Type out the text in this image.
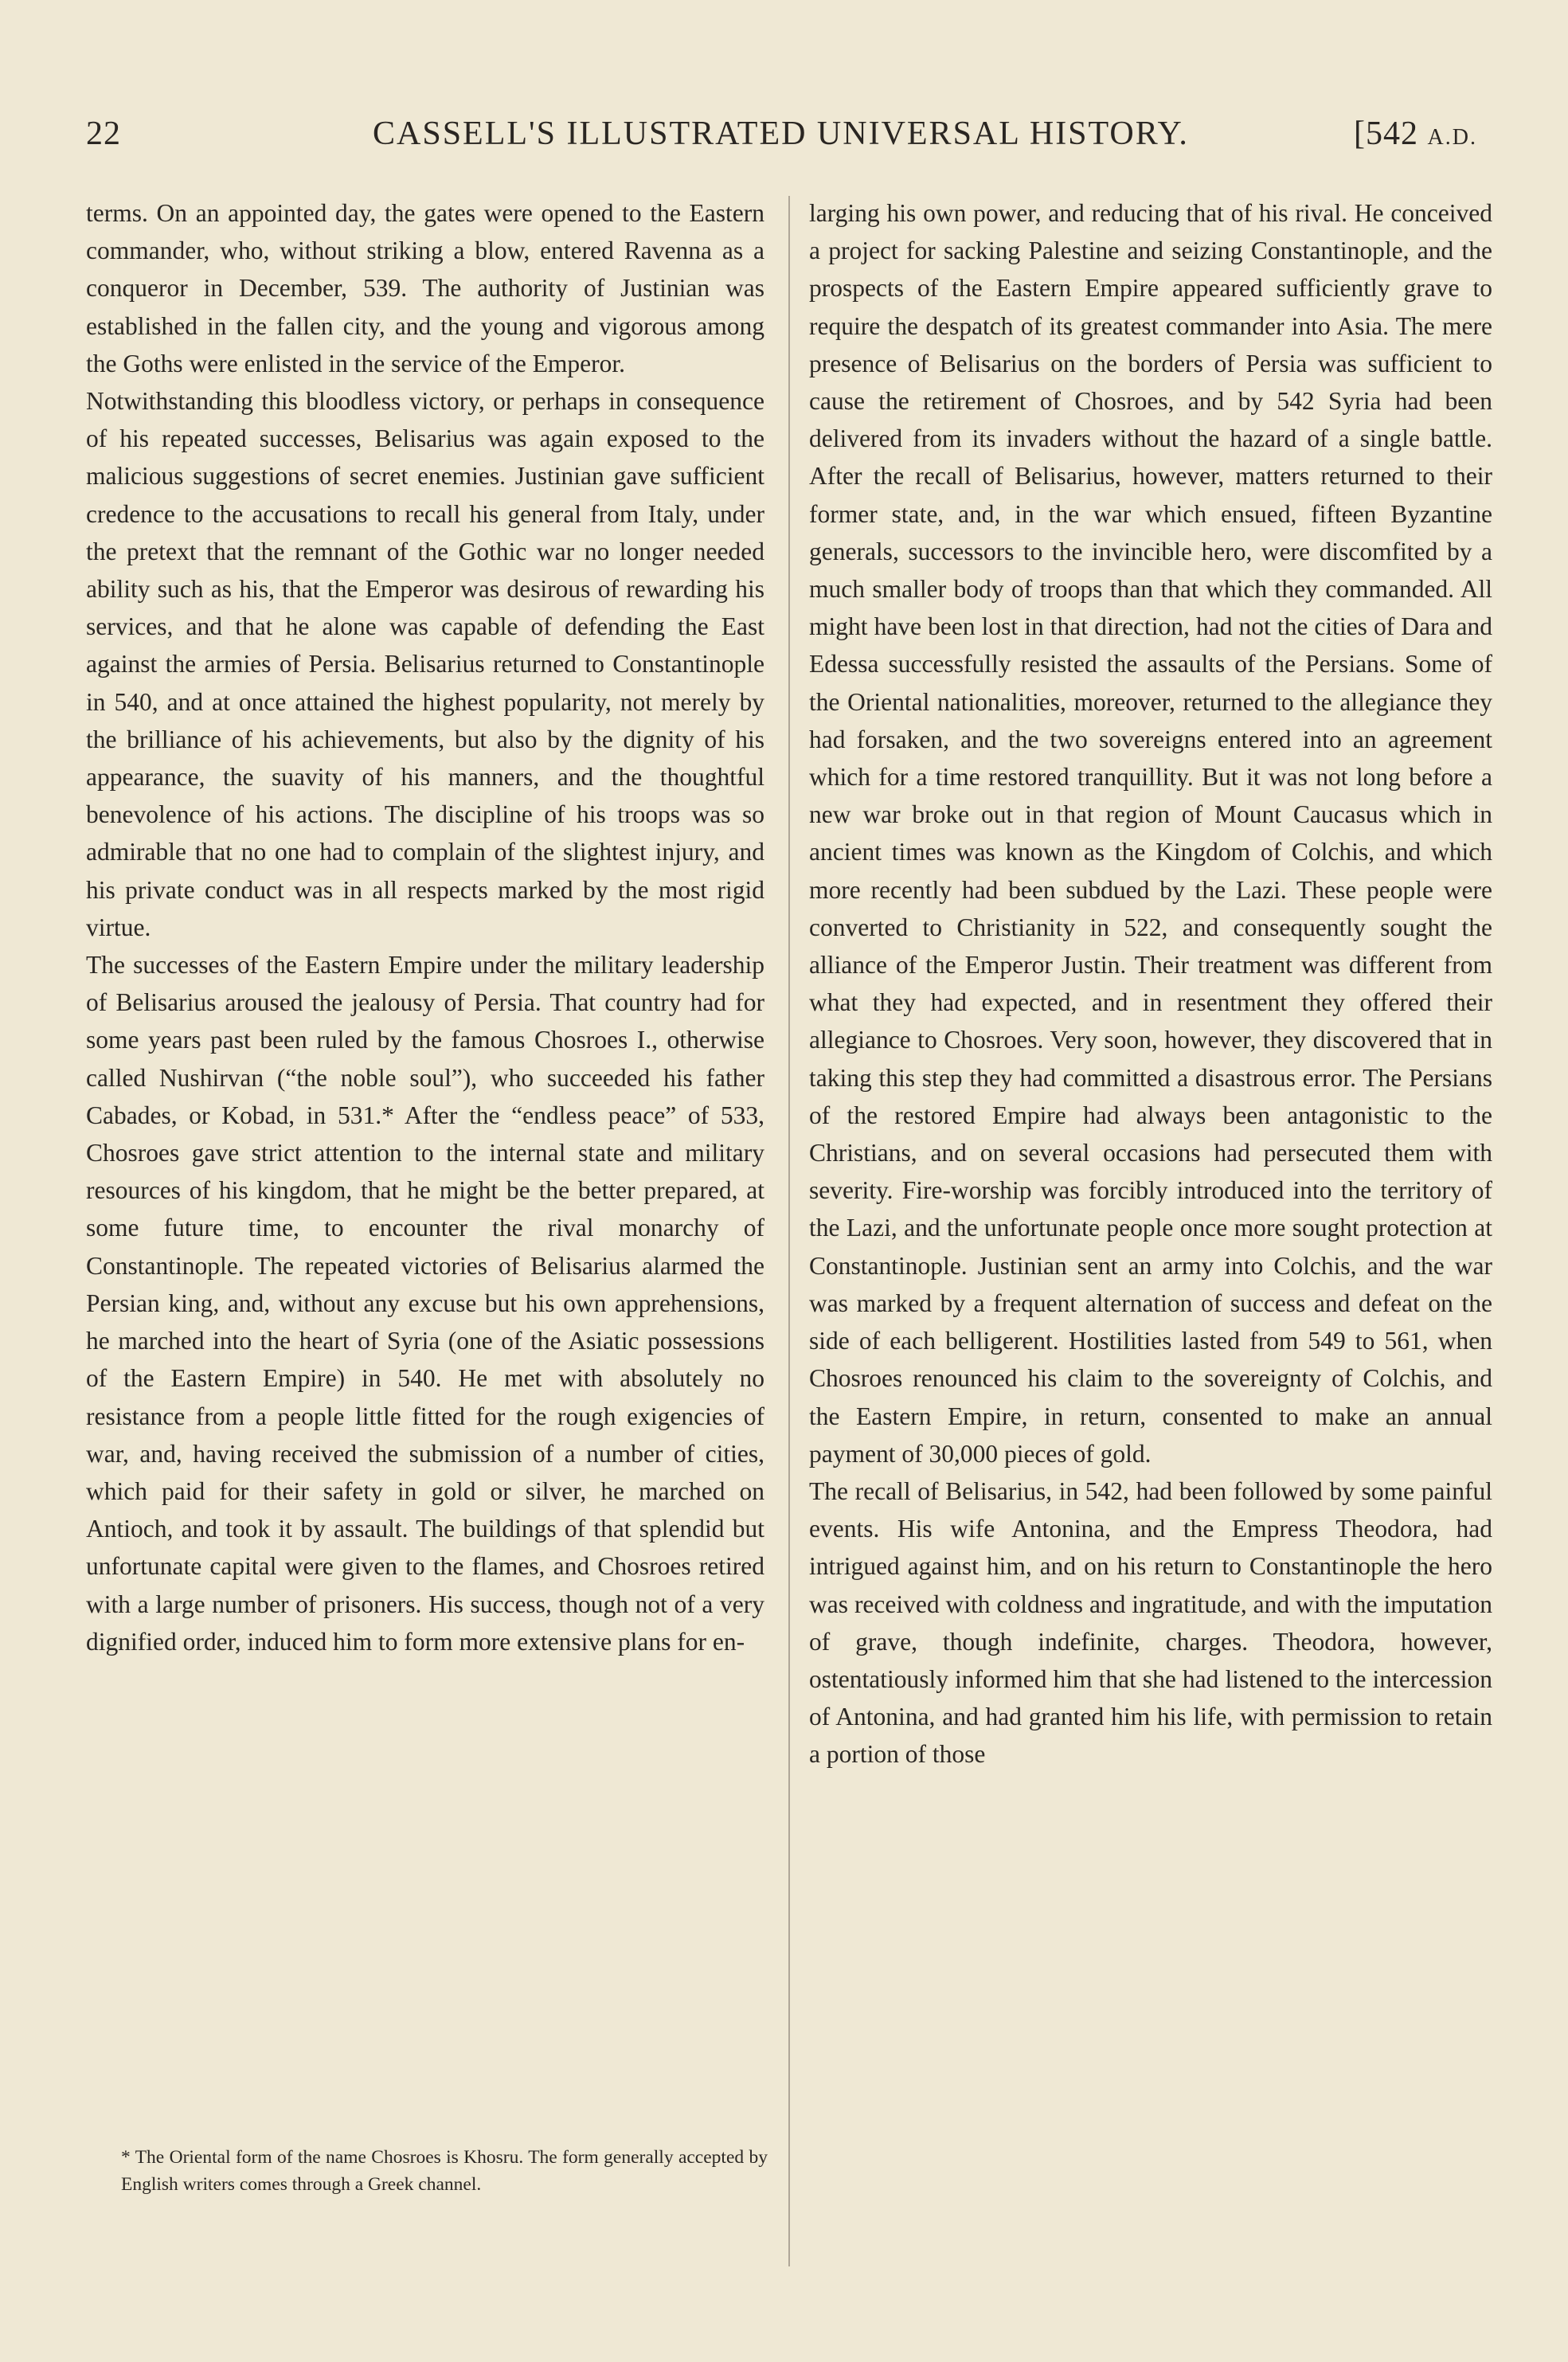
22	CASSELL'S ILLUSTRATED UNIVERSAL HISTORY.	[542 A.D.

terms. On an appointed day, the gates were opened to the Eastern commander, who, without striking a blow, entered Ravenna as a conqueror in December, 539. The authority of Justinian was established in the fallen city, and the young and vigorous among the Goths were enlisted in the service of the Emperor.

Notwithstanding this bloodless victory, or perhaps in consequence of his repeated successes, Belisarius was again exposed to the malicious suggestions of secret enemies. Justinian gave sufficient credence to the accusations to recall his general from Italy, under the pretext that the remnant of the Gothic war no longer needed ability such as his, that the Emperor was desirous of rewarding his services, and that he alone was capable of defending the East against the armies of Persia. Belisarius returned to Constantinople in 540, and at once attained the highest popularity, not merely by the brilliance of his achievements, but also by the dignity of his appearance, the suavity of his manners, and the thoughtful benevolence of his actions. The discipline of his troops was so admirable that no one had to complain of the slightest injury, and his private conduct was in all respects marked by the most rigid virtue.

The successes of the Eastern Empire under the military leadership of Belisarius aroused the jealousy of Persia. That country had for some years past been ruled by the famous Chosroes I., otherwise called Nushirvan (“the noble soul”), who succeeded his father Cabades, or Kobad, in 531.* After the “endless peace” of 533, Chosroes gave strict attention to the internal state and military resources of his kingdom, that he might be the better prepared, at some future time, to encounter the rival monarchy of Constantinople. The repeated victories of Belisarius alarmed the Persian king, and, without any excuse but his own apprehensions, he marched into the heart of Syria (one of the Asiatic possessions of the Eastern Empire) in 540. He met with absolutely no resistance from a people little fitted for the rough exigencies of war, and, having received the submission of a number of cities, which paid for their safety in gold or silver, he marched on Antioch, and took it by assault. The buildings of that splendid but unfortunate capital were given to the flames, and Chosroes retired with a large number of prisoners. His success, though not of a very dignified order, induced him to form more extensive plans for en-

larging his own power, and reducing that of his rival. He conceived a project for sacking Palestine and seizing Constantinople, and the prospects of the Eastern Empire appeared sufficiently grave to require the despatch of its greatest commander into Asia. The mere presence of Belisarius on the borders of Persia was sufficient to cause the retirement of Chosroes, and by 542 Syria had been delivered from its invaders without the hazard of a single battle. After the recall of Belisarius, however, matters returned to their former state, and, in the war which ensued, fifteen Byzantine generals, successors to the invincible hero, were discomfited by a much smaller body of troops than that which they commanded. All might have been lost in that direction, had not the cities of Dara and Edessa successfully resisted the assaults of the Persians. Some of the Oriental nationalities, moreover, returned to the allegiance they had forsaken, and the two sovereigns entered into an agreement which for a time restored tranquillity. But it was not long before a new war broke out in that region of Mount Caucasus which in ancient times was known as the Kingdom of Colchis, and which more recently had been subdued by the Lazi. These people were converted to Christianity in 522, and consequently sought the alliance of the Emperor Justin. Their treatment was different from what they had expected, and in resentment they offered their allegiance to Chosroes. Very soon, however, they discovered that in taking this step they had committed a disastrous error. The Persians of the restored Empire had always been antagonistic to the Christians, and on several occasions had persecuted them with severity. Fire-worship was forcibly introduced into the territory of the Lazi, and the unfortunate people once more sought protection at Constantinople. Justinian sent an army into Colchis, and the war was marked by a frequent alternation of success and defeat on the side of each belligerent. Hostilities lasted from 549 to 561, when Chosroes renounced his claim to the sovereignty of Colchis, and the Eastern Empire, in return, consented to make an annual payment of 30,000 pieces of gold.

The recall of Belisarius, in 542, had been followed by some painful events. His wife Antonina, and the Empress Theodora, had intrigued against him, and on his return to Constantinople the hero was received with coldness and ingratitude, and with the imputation of grave, though indefinite, charges. Theodora, however, ostentatiously informed him that she had listened to the intercession of Antonina, and had granted him his life, with permission to retain a portion of those

* The Oriental form of the name Chosroes is Khosru. The form generally accepted by English writers comes through a Greek channel.
